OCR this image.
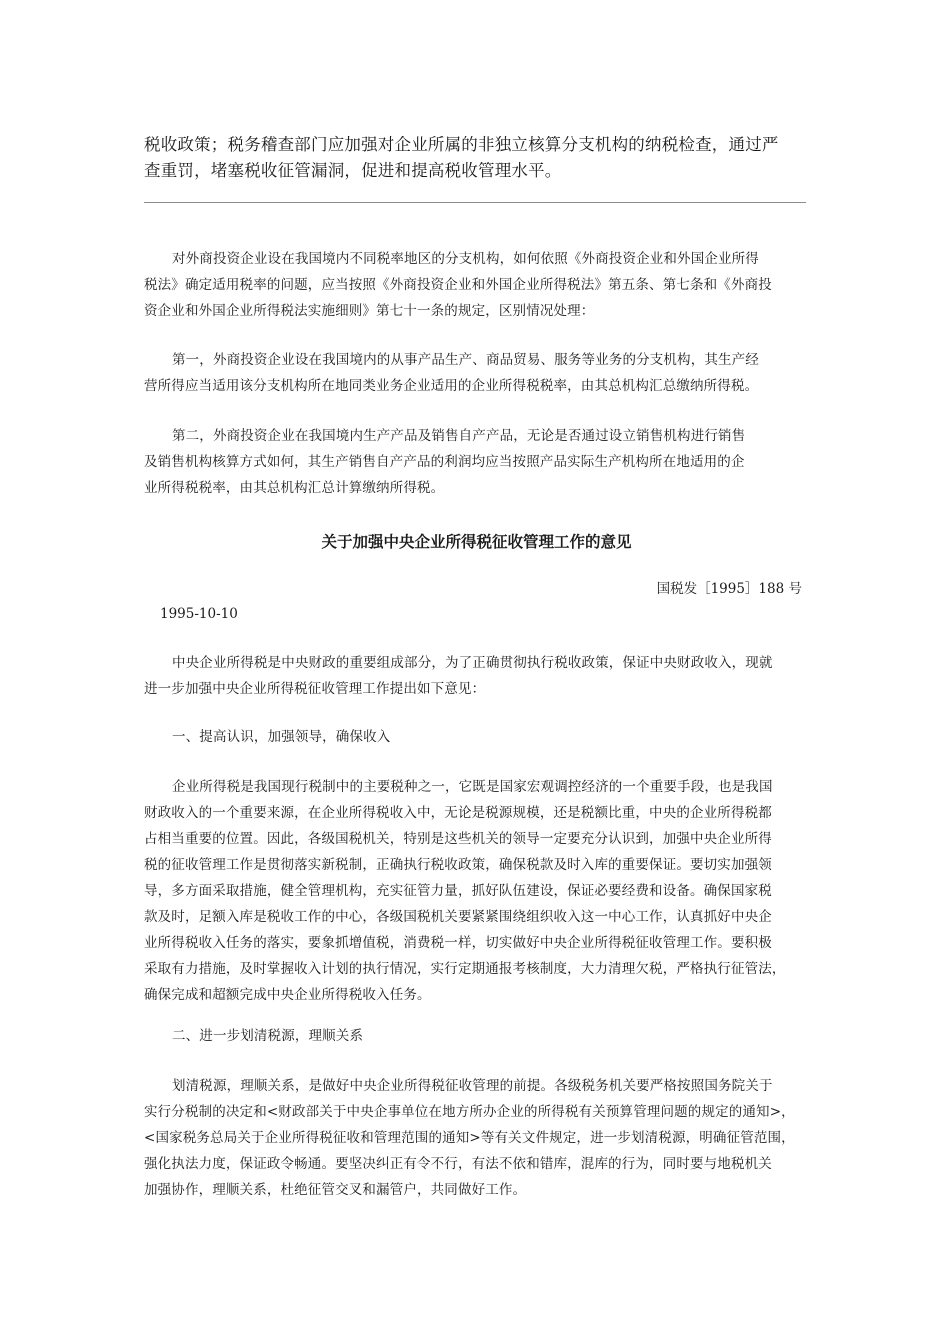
税收政策；税务稽查部门应加强对企业所属的非独立核算分支机构的纳税检查，通过严

查重罚，堵塞税收征管漏洞，促进和提高税收管理水平。

对外商投资企业设在我国境内不同税率地区的分支机构，如何依照《外商投资企业和外国企业所得

税法》确定适用税率的问题，应当按照《外商投资企业和外国企业所得税法》第五条、第七条和《外商投

资企业和外国企业所得税法实施细则》第七十一条的规定，区别情况处理：

第一，外商投资企业设在我国境内的从事产品生产、商品贸易、服务等业务的分支机构，其生产经

营所得应当适用该分支机构所在地同类业务企业适用的企业所得税税率，由其总机构汇总缴纳所得税。

第二，外商投资企业在我国境内生产产品及销售自产产品，无论是否通过设立销售机构进行销售

及销售机构核算方式如何，其生产销售自产产品的利润均应当按照产品实际生产机构所在地适用的企

业所得税税率，由其总机构汇总计算缴纳所得税。

关于加强中央企业所得税征收管理工作的意见
国税发［1995］188 号
1995-10-10

中央企业所得税是中央财政的重要组成部分，为了正确贯彻执行税收政策，保证中央财政收入，现就

进一步加强中央企业所得税征收管理工作提出如下意见：

一、提高认识，加强领导，确保收入

企业所得税是我国现行税制中的主要税种之一，它既是国家宏观调控经济的一个重要手段，也是我国

财政收入的一个重要来源，在企业所得税收入中，无论是税源规模，还是税额比重，中央的企业所得税都

占相当重要的位置。因此，各级国税机关，特别是这些机关的领导一定要充分认识到，加强中央企业所得

税的征收管理工作是贯彻落实新税制，正确执行税收政策，确保税款及时入库的重要保证。要切实加强领

导，多方面采取措施，健全管理机构，充实征管力量，抓好队伍建设，保证必要经费和设备。确保国家税

款及时，足额入库是税收工作的中心，各级国税机关要紧紧围绕组织收入这一中心工作，认真抓好中央企

业所得税收入任务的落实，要象抓增值税，消费税一样，切实做好中央企业所得税征收管理工作。要积极

采取有力措施，及时掌握收入计划的执行情况，实行定期通报考核制度，大力清理欠税，严格执行征管法，

确保完成和超额完成中央企业所得税收入任务。

二、进一步划清税源，理顺关系

划清税源，理顺关系，是做好中央企业所得税征收管理的前提。各级税务机关要严格按照国务院关于

实行分税制的决定和<财政部关于中央企事单位在地方所办企业的所得税有关预算管理问题的规定的通知>，

<国家税务总局关于企业所得税征收和管理范围的通知>等有关文件规定，进一步划清税源，明确征管范围，

强化执法力度，保证政令畅通。要坚决纠正有令不行，有法不依和错库，混库的行为，同时要与地税机关

加强协作，理顺关系，杜绝征管交叉和漏管户，共同做好工作。
